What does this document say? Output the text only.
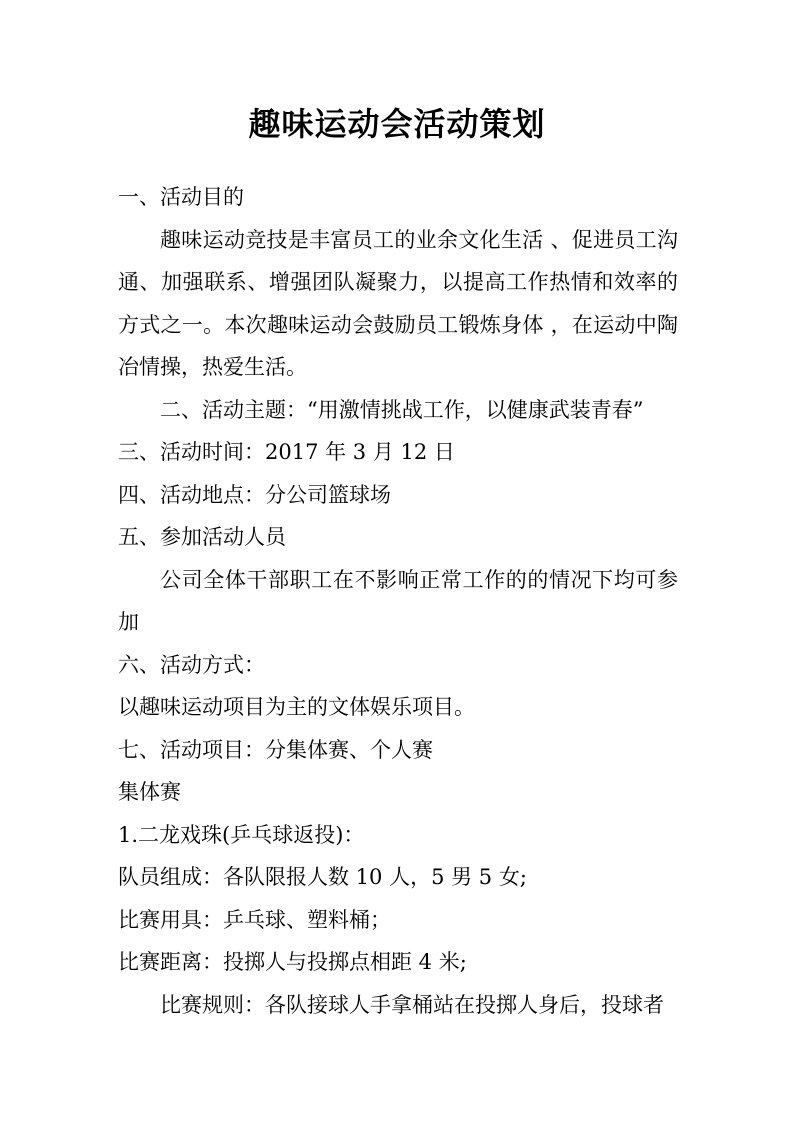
趣味运动会活动策划

一、活动目的

趣味运动竞技是丰富员工的业余文化生活 、促进员工沟通、加强联系、增强团队凝聚力，以提高工作热情和效率的方式之一。本次趣味运动会鼓励员工锻炼身体 ，在运动中陶冶情操，热爱生活。

二、活动主题：“用激情挑战工作，以健康武装青春”

三、活动时间：2017 年 3 月 12 日

四、活动地点：分公司篮球场

五、参加活动人员

公司全体干部职工在不影响正常工作的的情况下均可参加

六、活动方式：

以趣味运动项目为主的文体娱乐项目。

七、活动项目：分集体赛、个人赛

集体赛

1.二龙戏珠(乒乓球返投)：

队员组成：各队限报人数 10 人，5 男 5 女;

比赛用具：乒乓球、塑料桶；

比赛距离：投掷人与投掷点相距 4 米;

比赛规则：各队接球人手拿桶站在投掷人身后，投球者
